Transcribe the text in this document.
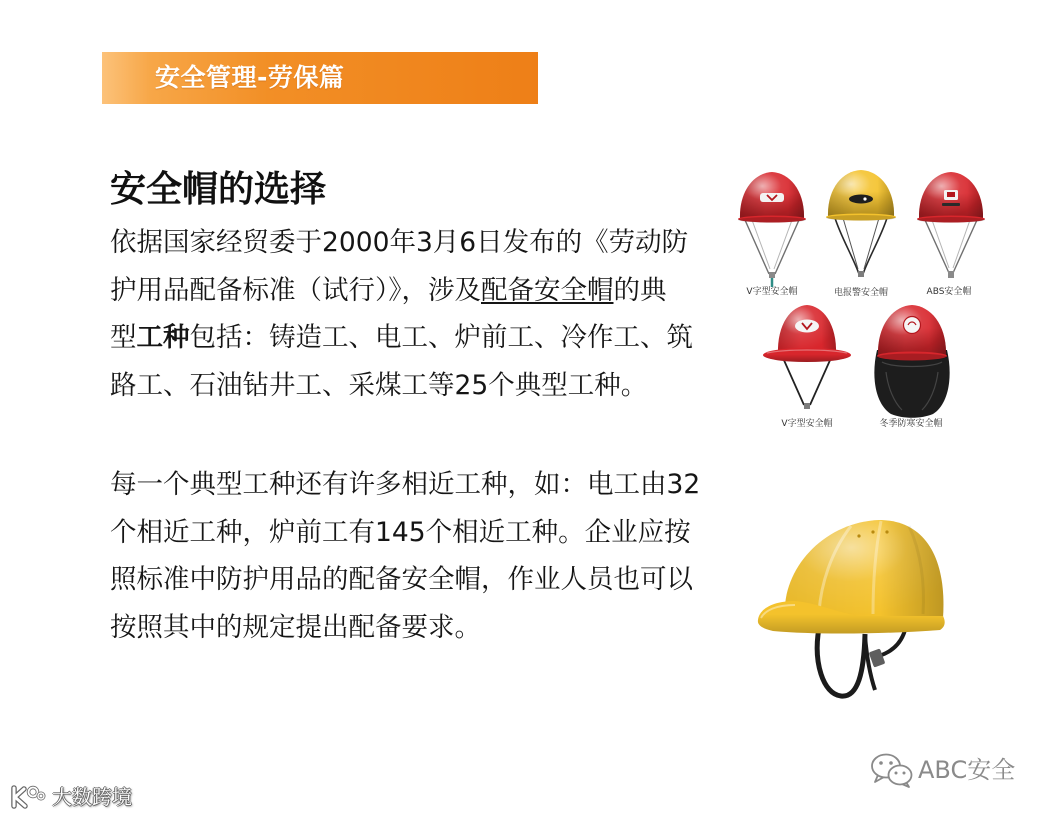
安全管理-劳保篇
安全帽的选择
依据国家经贸委于2000年3月6日发布的《劳动防
护用品配备标准（试行）》，涉及配备安全帽的典
型工种包括：铸造工、电工、炉前工、冷作工、筑
路工、石油钻井工、采煤工等25个典型工种。
每一个典型工种还有许多相近工种，如：电工由32
个相近工种，炉前工有145个相近工种。企业应按
照标准中防护用品的配备安全帽，作业人员也可以
按照其中的规定提出配备要求。
V字型安全帽	电报警安全帽	ABS安全帽
V字型安全帽	冬季防寒安全帽
大数跨境
ABC安全
